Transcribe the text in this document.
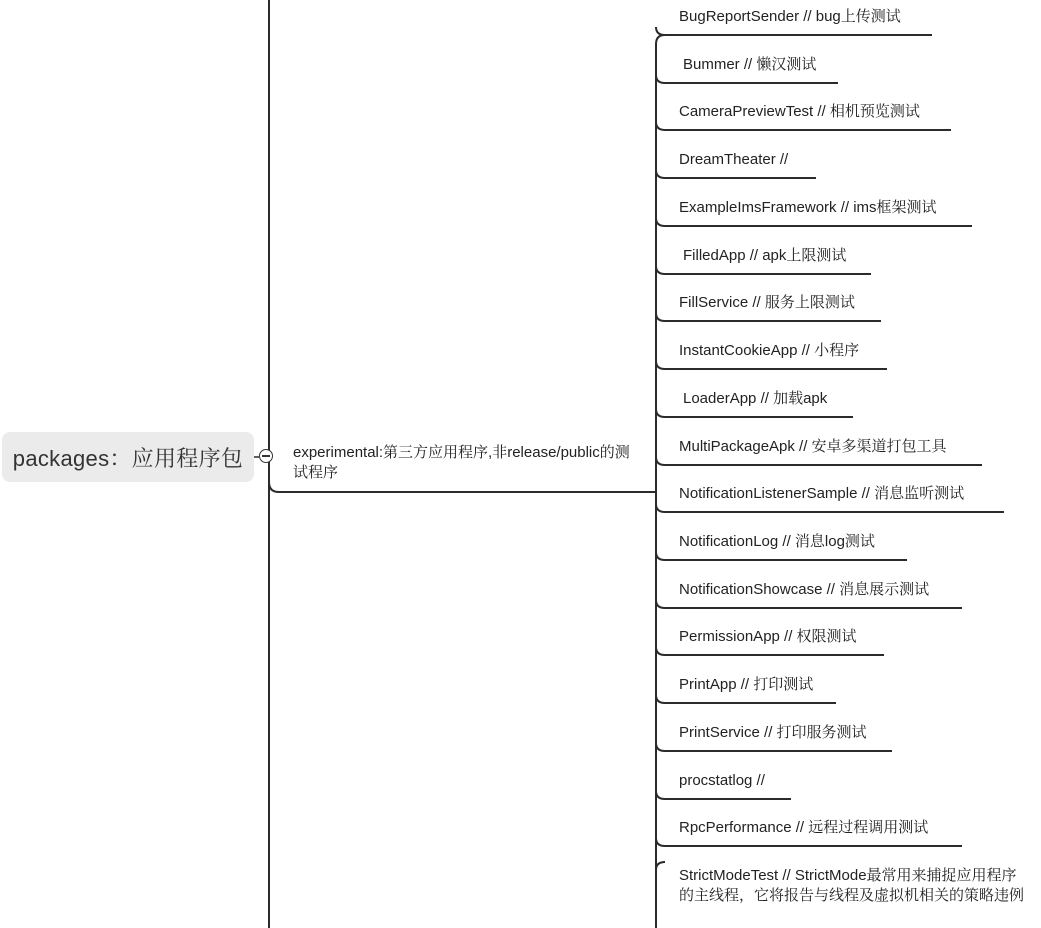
packages：应用程序包	experimental:第三方应用程序,非release/public的测试程序
BugReportSender // bug上传测试
Bummer // 懒汉测试
CameraPreviewTest // 相机预览测试
DreamTheater //
ExampleImsFramework // ims框架测试
FilledApp // apk上限测试
FillService // 服务上限测试
InstantCookieApp // 小程序
LoaderApp // 加载apk
MultiPackageApk // 安卓多渠道打包工具
NotificationListenerSample // 消息监听测试
NotificationLog // 消息log测试
NotificationShowcase // 消息展示测试
PermissionApp // 权限测试
PrintApp // 打印测试
PrintService // 打印服务测试
procstatlog //
RpcPerformance // 远程过程调用测试
StrictModeTest // StrictMode最常用来捕捉应用程序的主线程，它将报告与线程及虚拟机相关的策略违例
